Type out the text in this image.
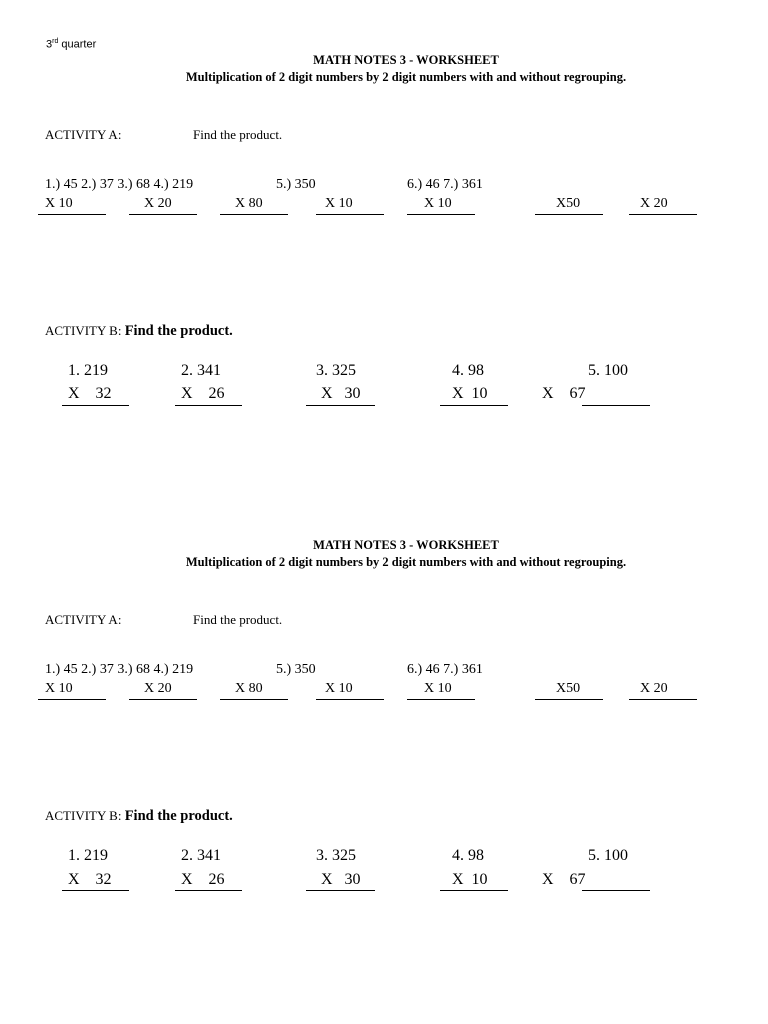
3rd quarter
MATH NOTES 3 - WORKSHEET
Multiplication of 2 digit numbers by 2 digit numbers with and without regrouping.
ACTIVITY A:	Find the product.
1.) 45 2.) 37 3.) 68 4.) 219	5.) 350	6.) 46 7.) 361
X 10	X 20	X 80	X 10	X 10	X50	X 20
ACTIVITY B: Find the product.
1. 219	2. 341	3. 325	4. 98	5. 100
X    32	X    26	X   30	X  10	X    67
MATH NOTES 3 - WORKSHEET
Multiplication of 2 digit numbers by 2 digit numbers with and without regrouping.
ACTIVITY A:	Find the product.
1.) 45 2.) 37 3.) 68 4.) 219	5.) 350	6.) 46 7.) 361
X 10	X 20	X 80	X 10	X 10	X50	X 20
ACTIVITY B: Find the product.
1. 219	2. 341	3. 325	4. 98	5. 100
X    32	X    26	X   30	X  10	X    67
